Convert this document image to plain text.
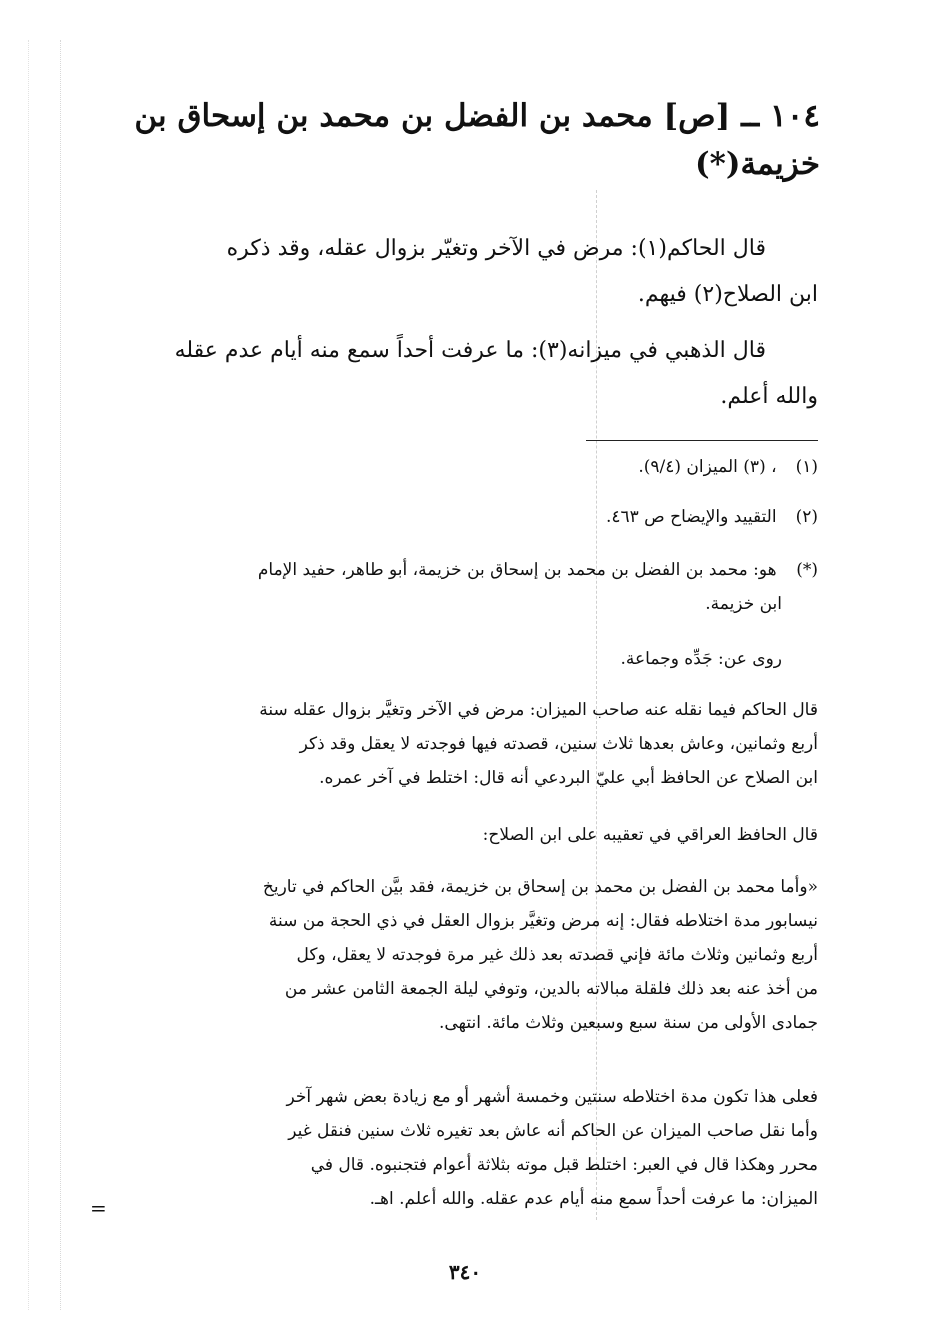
١٠٤ ــ [ص] محمد بن الفضل بن محمد بن إسحاق بن
خزيمة(*)
قال الحاكم(١): مرض في الآخر وتغيّر بزوال عقله، وقد ذكره
ابن الصلاح(٢) فيهم.
قال الذهبي في ميزانه(٣): ما عرفت أحداً سمع منه أيام عدم عقله
والله أعلم.
(١) ، (٣) الميزان (٩/٤).
(٢) التقييد والإيضاح ص ٤٦٣.
(*) هو: محمد بن الفضل بن محمد بن إسحاق بن خزيمة، أبو طاهر، حفيد الإمام
ابن خزيمة.
روى عن: جَدِّه وجماعة.
قال الحاكم فيما نقله عنه صاحب الميزان: مرض في الآخر وتغيَّر بزوال عقله سنة
أربع وثمانين، وعاش بعدها ثلاث سنين، قصدته فيها فوجدته لا يعقل وقد ذكر
ابن الصلاح عن الحافظ أبي عليّ البردعي أنه قال: اختلط في آخر عمره.
قال الحافظ العراقي في تعقيبه على ابن الصلاح:
«وأما محمد بن الفضل بن محمد بن إسحاق بن خزيمة، فقد بيَّن الحاكم في تاريخ
نيسابور مدة اختلاطه فقال: إنه مرض وتغيَّر بزوال العقل في ذي الحجة من سنة
أربع وثمانين وثلاث مائة فإني قصدته بعد ذلك غير مرة فوجدته لا يعقل، وكل
من أخذ عنه بعد ذلك فلقلة مبالاته بالدين، وتوفي ليلة الجمعة الثامن عشر من
جمادى الأولى من سنة سبع وسبعين وثلاث مائة. انتهى.
فعلى هذا تكون مدة اختلاطه سنتين وخمسة أشهر أو مع زيادة بعض شهر آخر
وأما نقل صاحب الميزان عن الحاكم أنه عاش بعد تغيره ثلاث سنين فنقل غير
محرر وهكذا قال في العبر: اختلط قبل موته بثلاثة أعوام فتجنبوه. قال في
الميزان: ما عرفت أحداً سمع منه أيام عدم عقله. والله أعلم. اهـ.
=
٣٤٠
